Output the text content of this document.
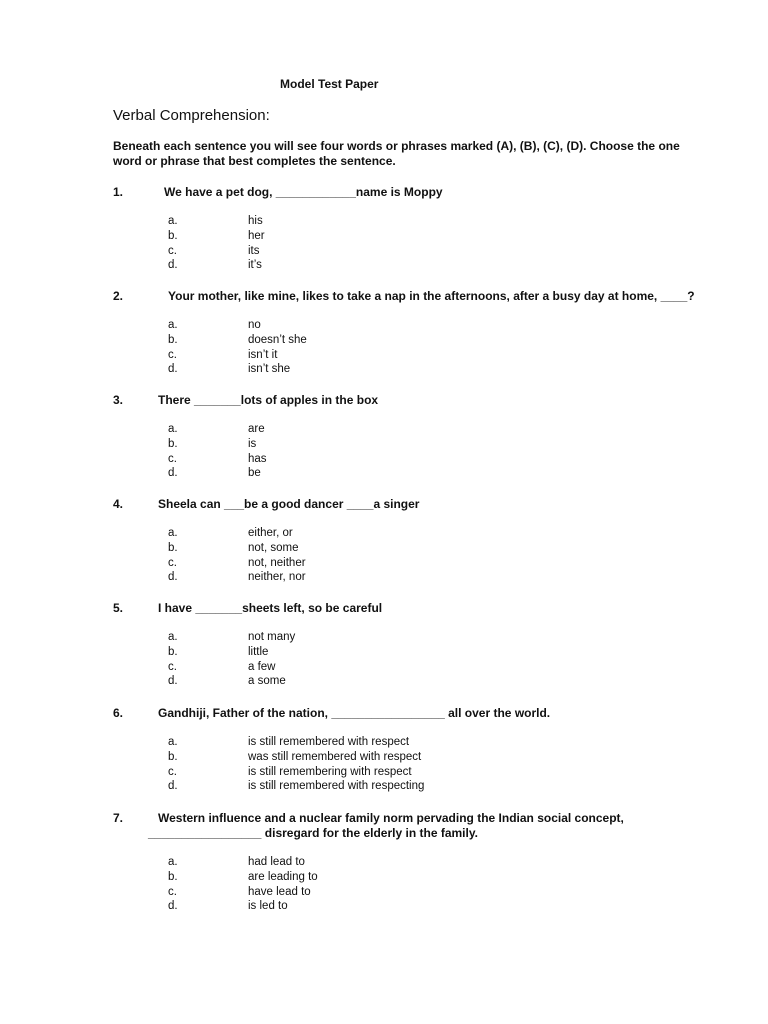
Model Test Paper
Verbal Comprehension:
Beneath each sentence you will see four words or phrases marked (A), (B), (C), (D). Choose the one word or phrase that best completes the sentence.
1.	We have a pet dog, ____________name is Moppy
a.	his
b.	her
c.	its
d.	it’s
2.	Your mother, like mine, likes to take a nap in the afternoons, after a busy day at home, ____?
a.	no
b.	doesn’t she
c.	isn’t it
d.	isn’t she
3.	There _______lots of apples in the box
a.	are
b.	is
c.	has
d.	be
4.	Sheela can ___be a good dancer ____a singer
a.	either, or
b.	not, some
c.	not, neither
d.	neither, nor
5.	I have _______sheets left, so be careful
a.	not many
b.	little
c.	a few
d.	a some
6.	Gandhiji, Father of the nation, _________________ all over the world.
a.	is still remembered with respect
b.	was still remembered with respect
c.	is still remembering with respect
d.	is still remembered with respecting
7.	Western influence and a nuclear family norm pervading the Indian social concept,
_________________ disregard for the elderly in the family.
a.	had lead to
b.	are leading to
c.	have lead to
d.	is led to
